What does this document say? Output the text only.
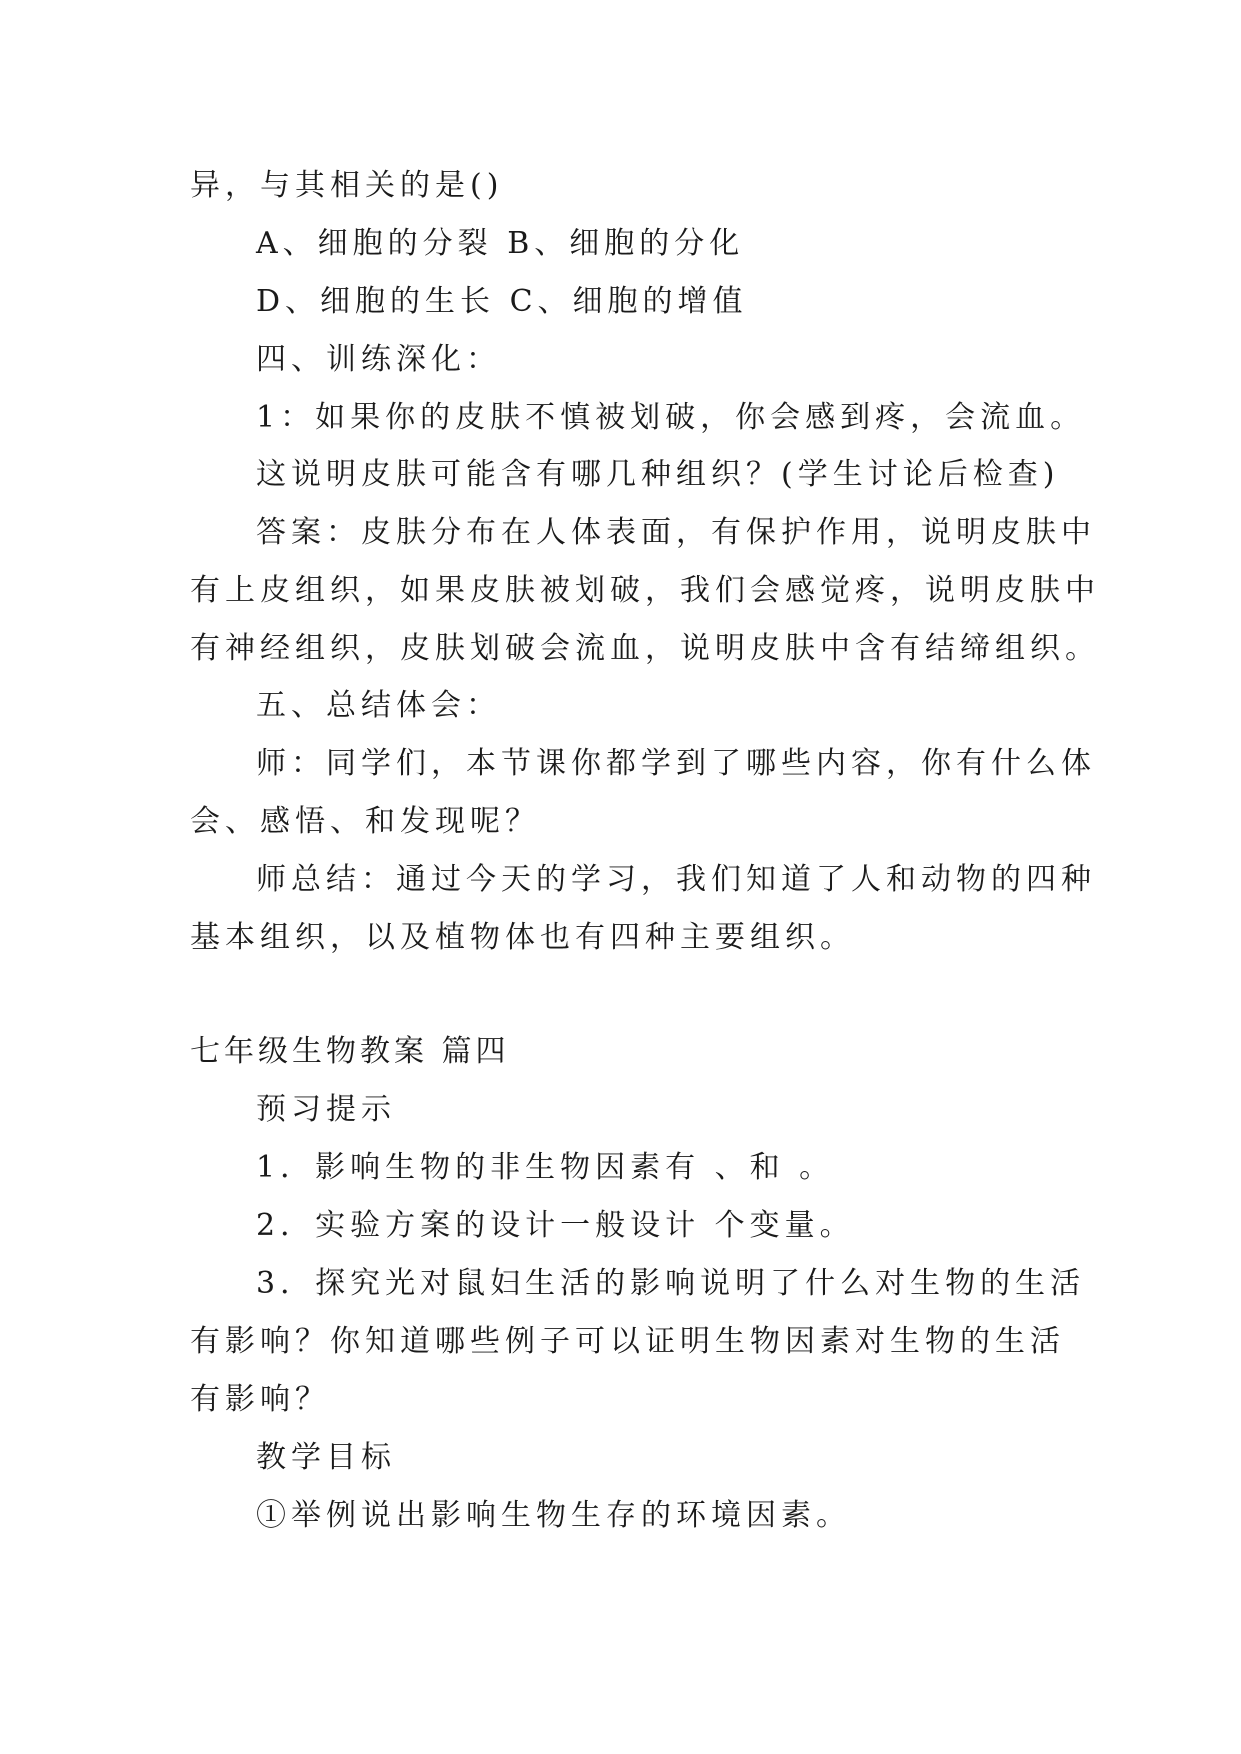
异，与其相关的是()
A、细胞的分裂 B、细胞的分化
D、细胞的生长 C、细胞的增值
四、训练深化：
1：如果你的皮肤不慎被划破，你会感到疼，会流血。
这说明皮肤可能含有哪几种组织？(学生讨论后检查)
答案：皮肤分布在人体表面，有保护作用，说明皮肤中
有上皮组织，如果皮肤被划破，我们会感觉疼，说明皮肤中
有神经组织，皮肤划破会流血，说明皮肤中含有结缔组织。
五、总结体会：
师：同学们，本节课你都学到了哪些内容，你有什么体
会、感悟、和发现呢？
师总结：通过今天的学习，我们知道了人和动物的四种
基本组织，以及植物体也有四种主要组织。
七年级生物教案 篇四
预习提示
1．影响生物的非生物因素有 、和 。
2．实验方案的设计一般设计 个变量。
3．探究光对鼠妇生活的影响说明了什么对生物的生活
有影响？你知道哪些例子可以证明生物因素对生物的生活
有影响？
教学目标
①举例说出影响生物生存的环境因素。
